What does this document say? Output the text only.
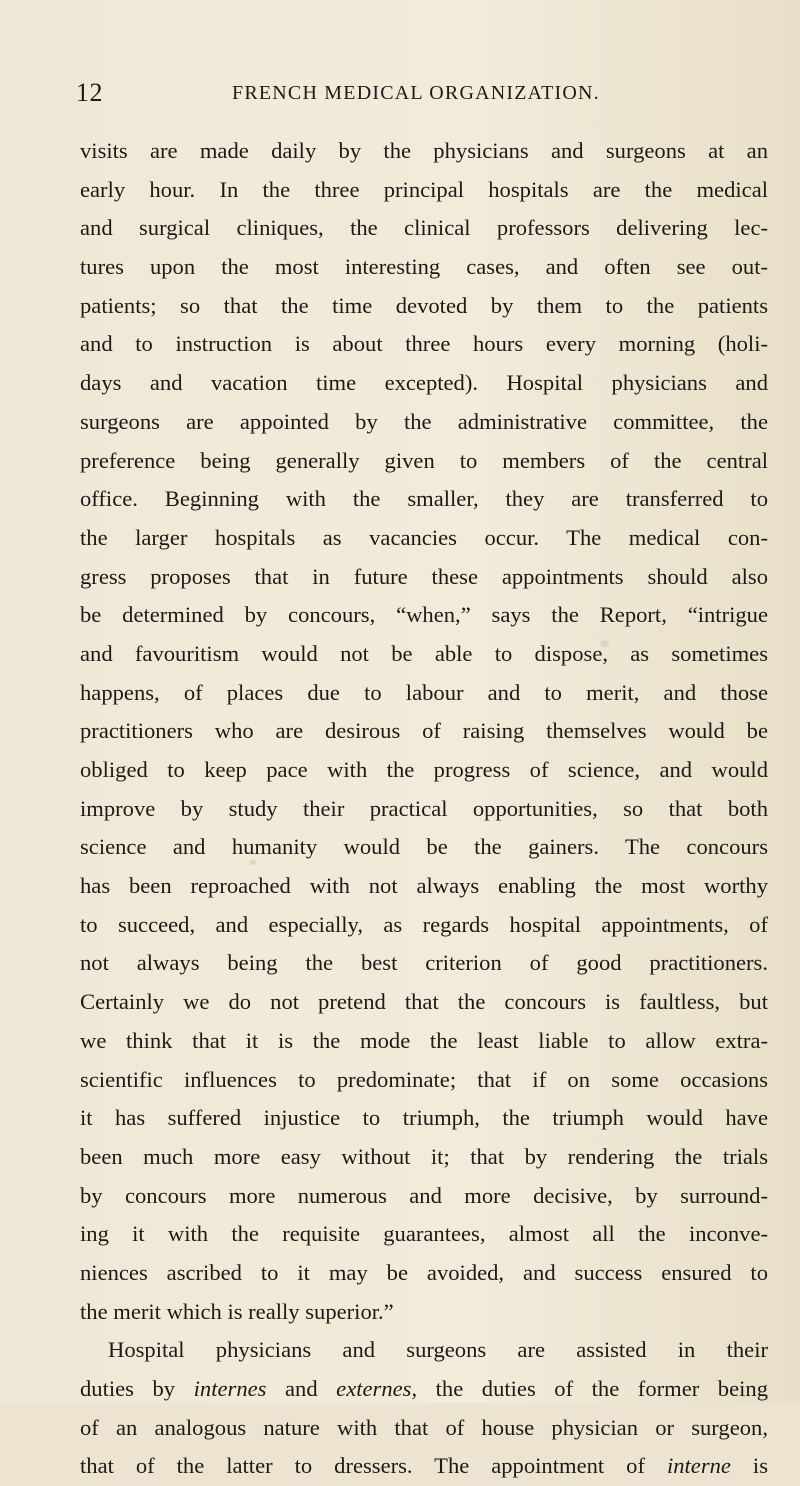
12	FRENCH MEDICAL ORGANIZATION.
visits are made daily by the physicians and surgeons at an
early hour. In the three principal hospitals are the medical
and surgical cliniques, the clinical professors delivering lec-
tures upon the most interesting cases, and often see out-
patients; so that the time devoted by them to the patients
and to instruction is about three hours every morning (holi-
days and vacation time excepted). Hospital physicians and
surgeons are appointed by the administrative committee, the
preference being generally given to members of the central
office. Beginning with the smaller, they are transferred to
the larger hospitals as vacancies occur. The medical con-
gress proposes that in future these appointments should also
be determined by concours, “when,” says the Report, “intrigue
and favouritism would not be able to dispose, as sometimes
happens, of places due to labour and to merit, and those
practitioners who are desirous of raising themselves would be
obliged to keep pace with the progress of science, and would
improve by study their practical opportunities, so that both
science and humanity would be the gainers. The concours
has been reproached with not always enabling the most worthy
to succeed, and especially, as regards hospital appointments, of
not always being the best criterion of good practitioners.
Certainly we do not pretend that the concours is faultless, but
we think that it is the mode the least liable to allow extra-
scientific influences to predominate; that if on some occasions
it has suffered injustice to triumph, the triumph would have
been much more easy without it; that by rendering the trials
by concours more numerous and more decisive, by surround-
ing it with the requisite guarantees, almost all the inconve-
niences ascribed to it may be avoided, and success ensured to
the merit which is really superior.”
Hospital physicians and surgeons are assisted in their
duties by internes and externes, the duties of the former being
of an analogous nature with that of house physician or surgeon,
that of the latter to dressers. The appointment of interne is
